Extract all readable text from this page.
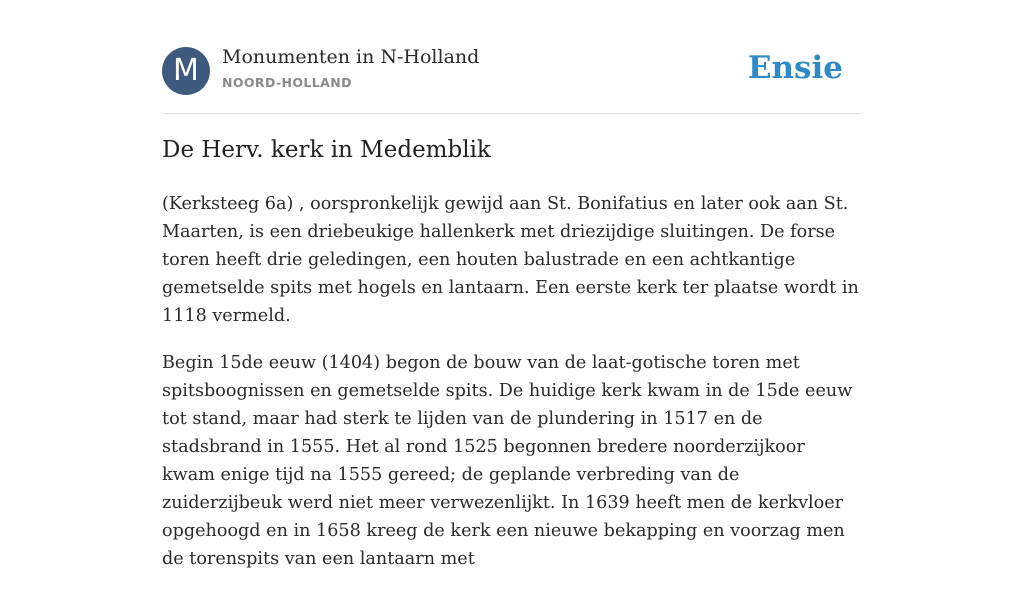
M	Monumenten in N-Holland
NOORD-HOLLAND	Ensie
De Herv. kerk in Medemblik

(Kerksteeg 6a) , oorspronkelijk gewijd aan St. Bonifatius en later ook aan St. Maarten, is een driebeukige hallenkerk met driezijdige sluitingen. De forse toren heeft drie geledingen, een houten balustrade en een achtkantige gemetselde spits met hogels en lantaarn. Een eerste kerk ter plaatse wordt in 1118 vermeld.

Begin 15de eeuw (1404) begon de bouw van de laat-gotische toren met spitsboognissen en gemetselde spits. De huidige kerk kwam in de 15de eeuw tot stand, maar had sterk te lijden van de plundering in 1517 en de stadsbrand in 1555. Het al rond 1525 begonnen bredere noorderzijkoor kwam enige tijd na 1555 gereed; de geplande verbreding van de zuiderzijbeuk werd niet meer verwezenlijkt. In 1639 heeft men de kerkvloer opgehoogd en in 1658 kreeg de kerk een nieuwe bekapping en voorzag men de torenspits van een lantaarn met
